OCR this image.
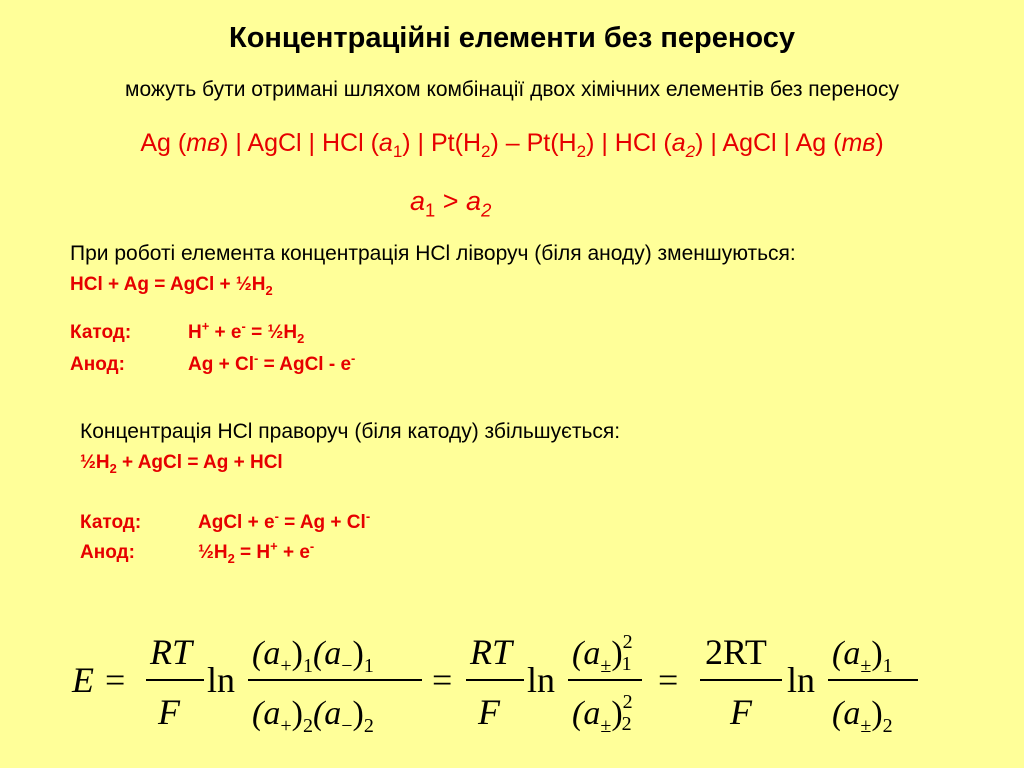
Концентраційні елементи без переносу
можуть бути отримані шляхом комбінації двох хімічних елементів без переносу
Ag (тв) | AgCl | HCl $(a_1)$ | $Pt(H_2) - Pt(H_2)$ | HCl $(a_2)$ | AgCl | Ag (тв)
$a_1 > a_2$
При роботі елемента концентрація НCl ліворуч (біля аноду) зменшуються:
HCl + Ag = AgCl + $\frac{1}{2}H_2$
Катод:	$H^+ + e^- = \frac{1}{2}H_2$
Анод:	Ag + Cl- = AgCl - e-
Концентрація НCl праворуч (біля катоду) збільшується:
$\frac{1}{2}H_2$ + AgCl = Ag + HCl
Катод:	AgCl + e- = Ag + Cl-
Анод:	$\frac{1}{2}H_2 = H^+ + e^-$
E =
RT
F
ln
$(a_+)_1(a_-)_1$
$(a_+)_2(a_-)_2$
=
RT
F
ln
$(a_\pm)^2$ 1
$(a_\pm)^2$ 2
=
2RT
F
ln
$(a_\pm)_1$
$(a_\pm)_2$
